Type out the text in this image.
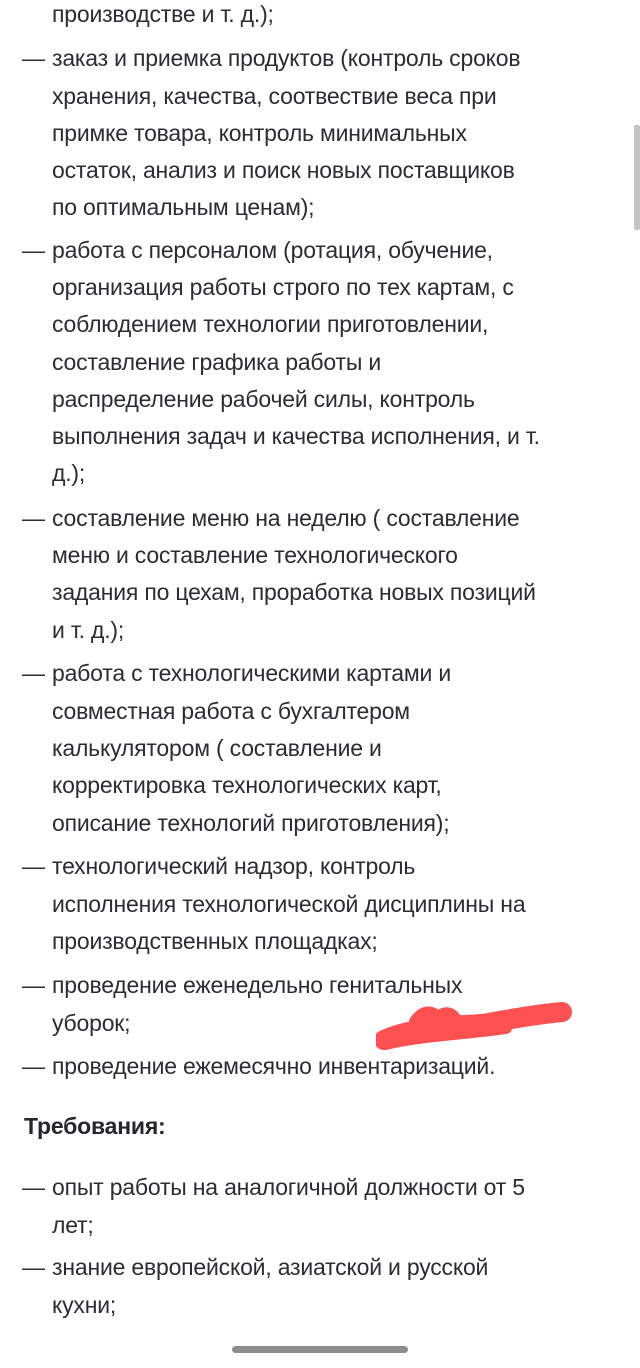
производстве и т. д.);
— заказ и приемка продуктов (контроль сроков
хранения, качества, соотвествие веса при
примке товара, контроль минимальных
остаток, анализ и поиск новых поставщиков
по оптимальным ценам);
— работа с персоналом (ротация, обучение,
организация работы строго по тех картам, с
соблюдением технологии приготовлении,
составление графика работы и
распределение рабочей силы, контроль
выполнения задач и качества исполнения, и т.
д.);
— составление меню на неделю ( составление
меню и составление технологического
задания по цехам, проработка новых позиций
и т. д.);
— работа с технологическими картами и
совместная работа с бухгалтером
калькулятором ( составление и
корректировка технологических карт,
описание технологий приготовления);
— технологический надзор, контроль
исполнения технологической дисциплины на
производственных площадках;
— проведение еженедельно генитальных
уборок;
— проведение ежемесячно инвентаризаций.
Требования:
— опыт работы на аналогичной должности от 5
лет;
— знание европейской, азиатской и русской
кухни;
